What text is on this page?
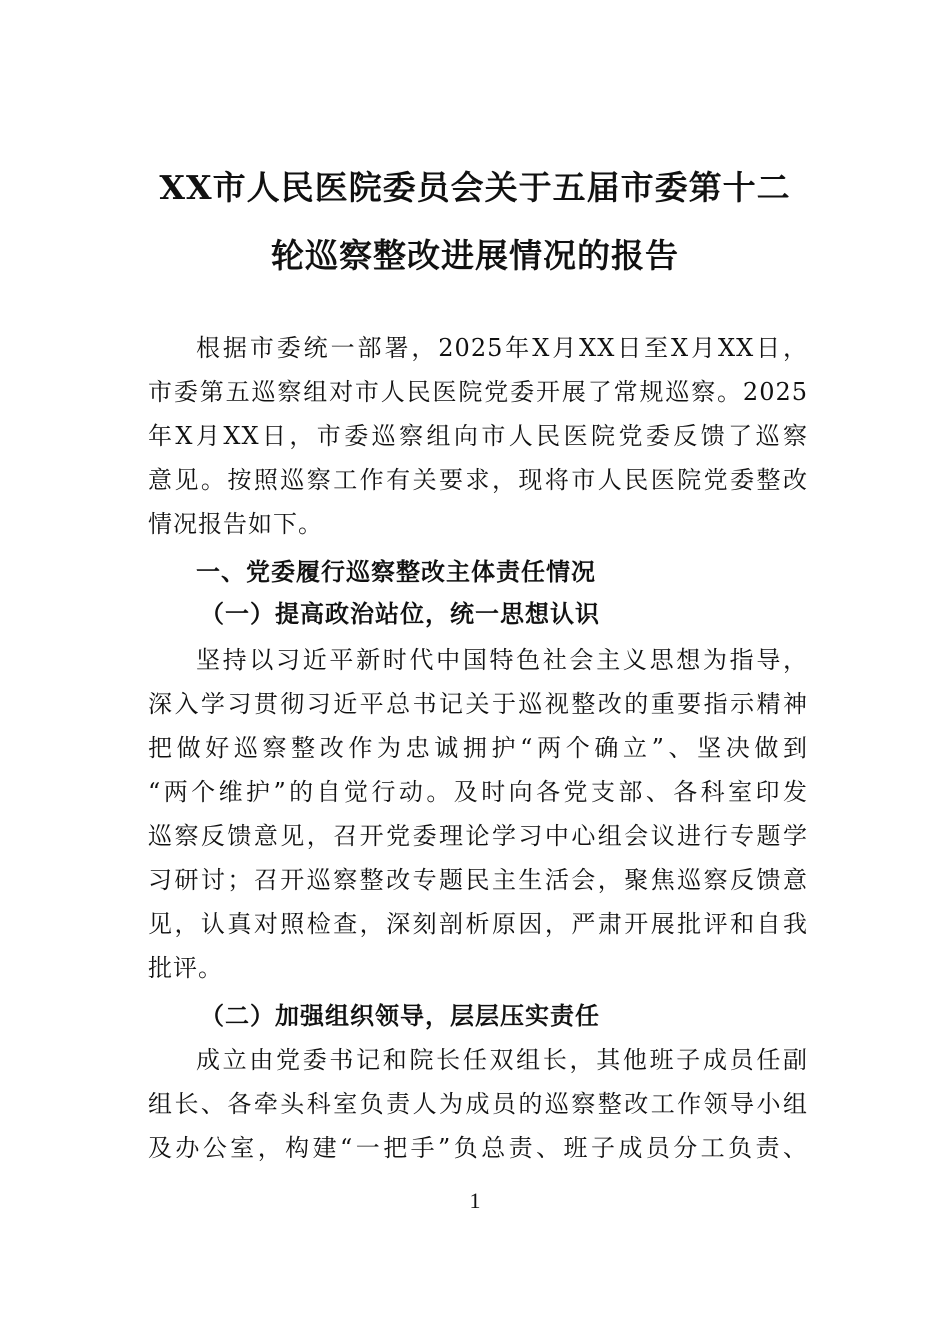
XX市人民医院委员会关于五届市委第十二
轮巡察整改进展情况的报告
根据市委统一部署，2025年X月XX日至X月XX日，
市委第五巡察组对市人民医院党委开展了常规巡察。2025
年X月XX日，市委巡察组向市人民医院党委反馈了巡察
意见。按照巡察工作有关要求，现将市人民医院党委整改
情况报告如下。
一、党委履行巡察整改主体责任情况
（一）提高政治站位，统一思想认识
坚持以习近平新时代中国特色社会主义思想为指导，
深入学习贯彻习近平总书记关于巡视整改的重要指示精神
把做好巡察整改作为忠诚拥护“两个确立”、坚决做到
“两个维护”的自觉行动。及时向各党支部、各科室印发
巡察反馈意见，召开党委理论学习中心组会议进行专题学
习研讨；召开巡察整改专题民主生活会，聚焦巡察反馈意
见，认真对照检查，深刻剖析原因，严肃开展批评和自我
批评。
（二）加强组织领导，层层压实责任
成立由党委书记和院长任双组长，其他班子成员任副
组长、各牵头科室负责人为成员的巡察整改工作领导小组
及办公室，构建“一把手”负总责、班子成员分工负责、
1
